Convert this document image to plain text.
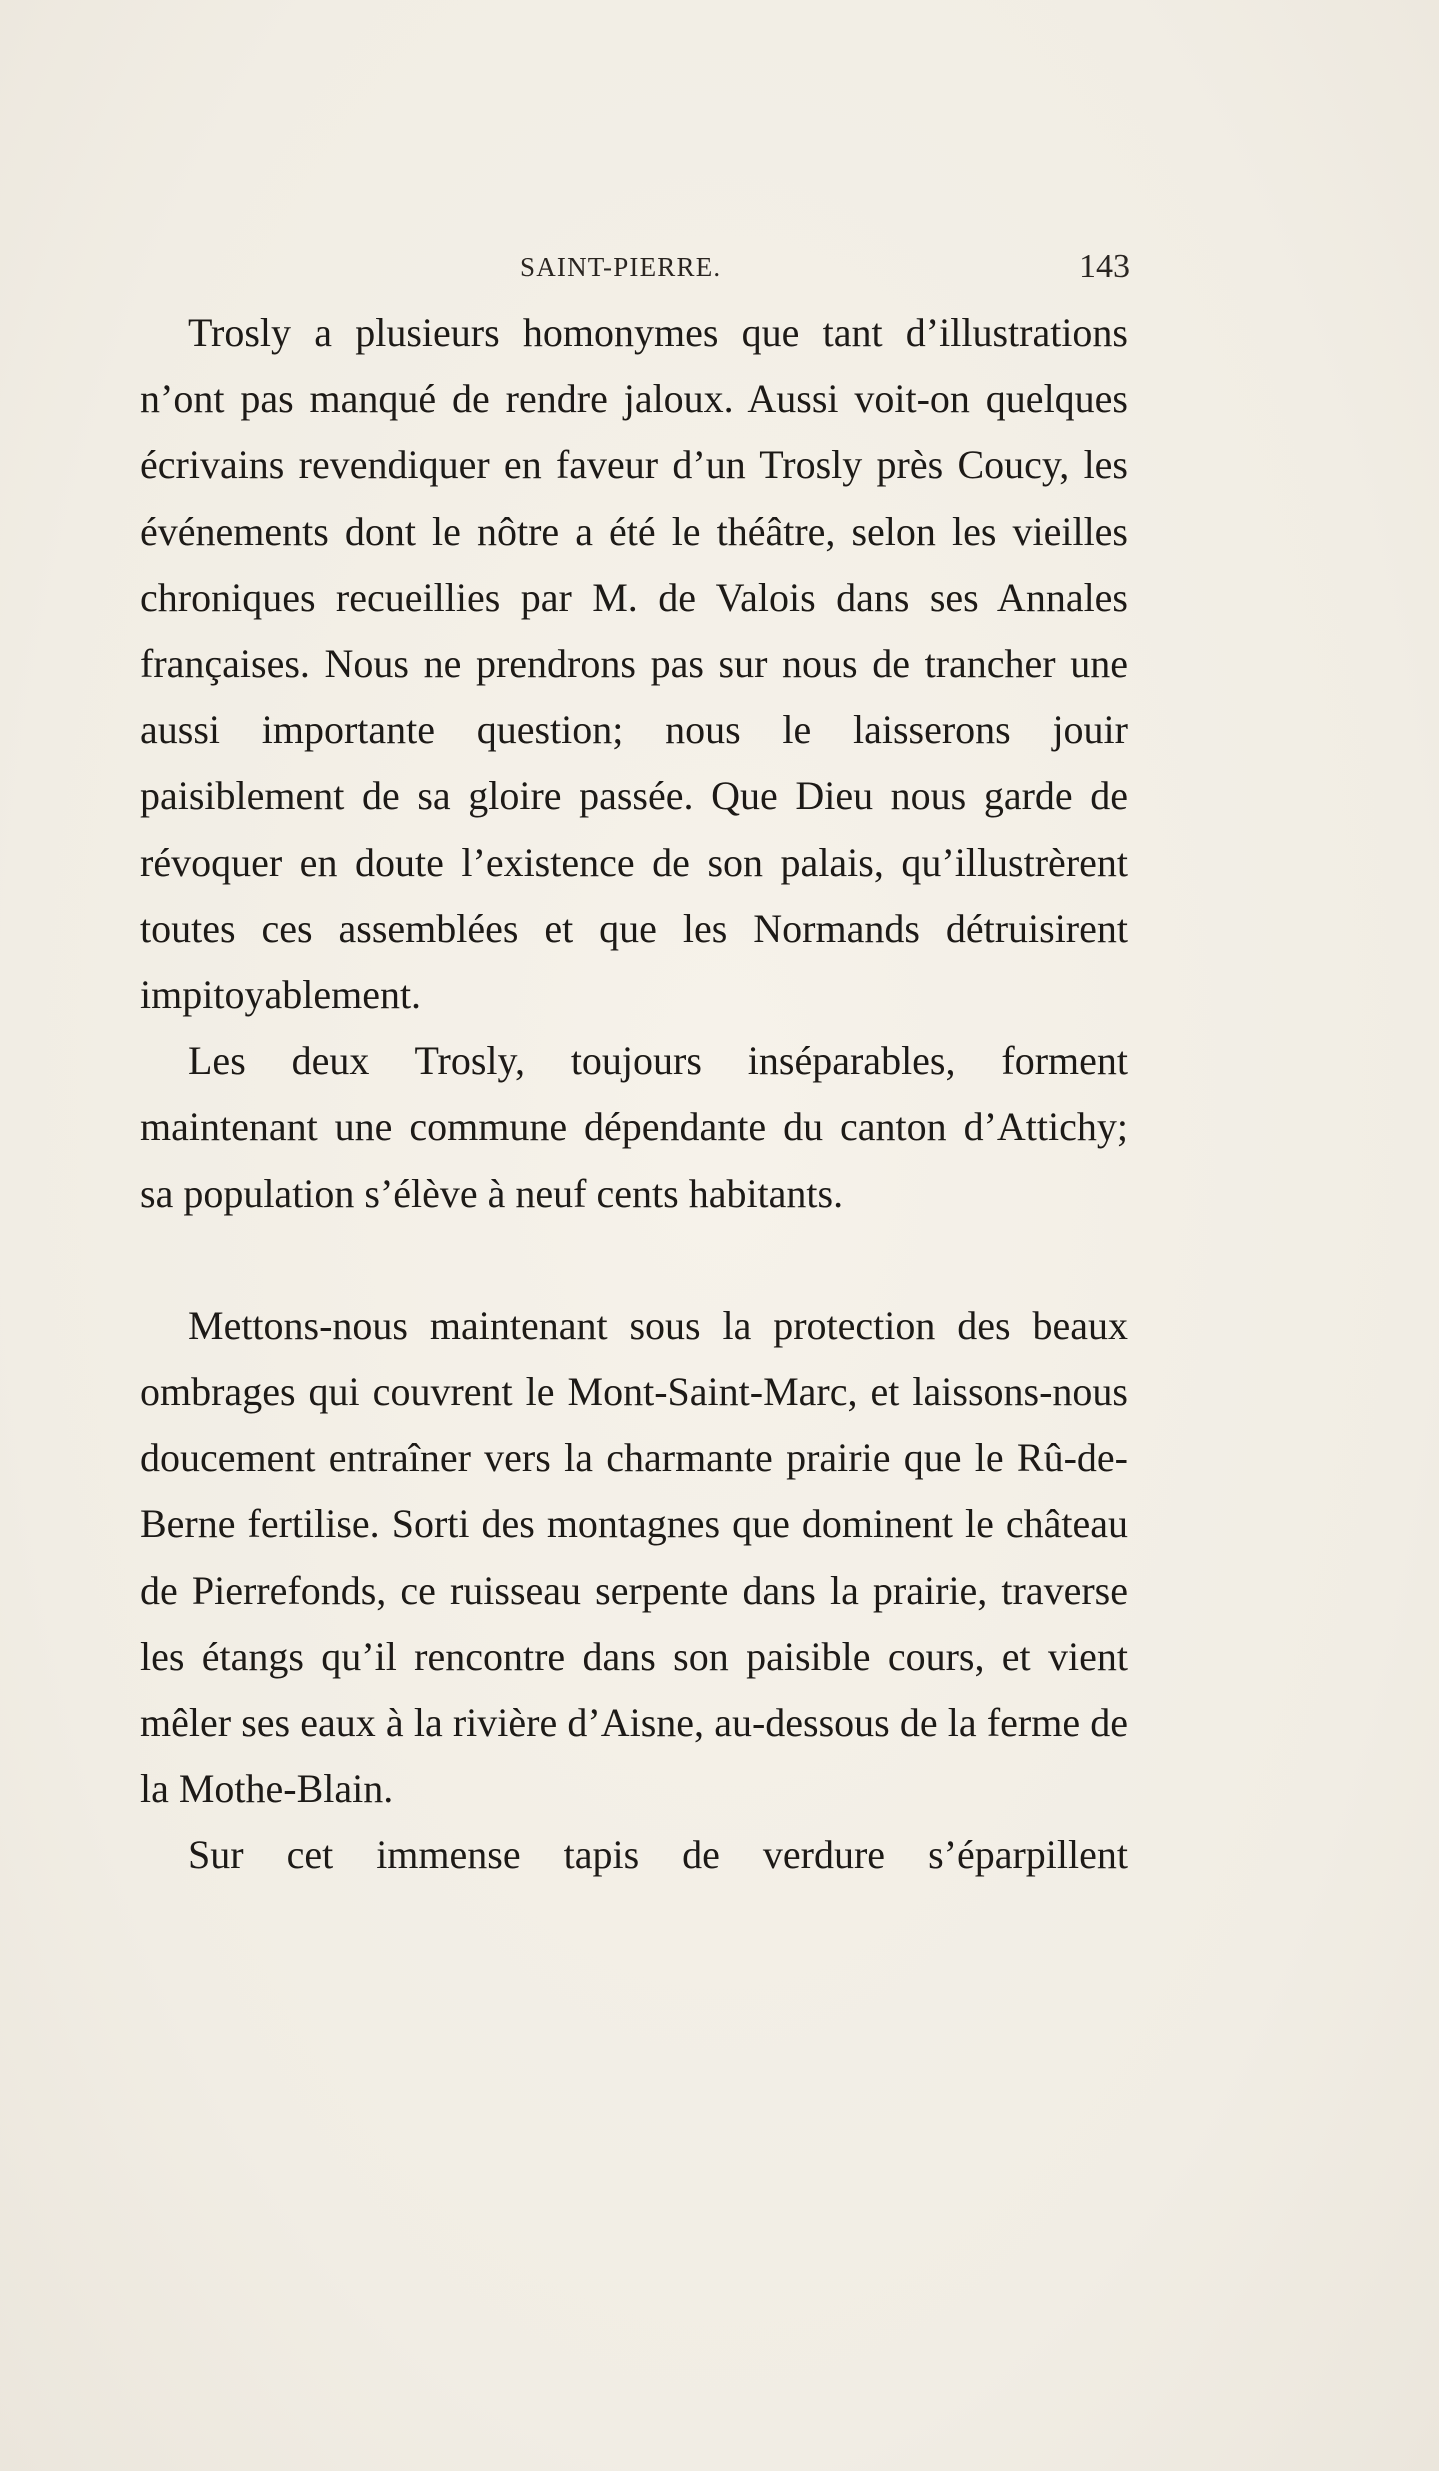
SAINT-PIERRE.	143

Trosly a plusieurs homonymes que tant d’illustrations n’ont pas manqué de rendre jaloux. Aussi voit-on quelques écrivains revendiquer en faveur d’un Trosly près Coucy, les événements dont le nôtre a été le théâtre, selon les vieilles chroniques recueillies par M. de Valois dans ses Annales françaises. Nous ne prendrons pas sur nous de trancher une aussi importante question; nous le laisserons jouir paisiblement de sa gloire passée. Que Dieu nous garde de révoquer en doute l’existence de son palais, qu’illustrèrent toutes ces assemblées et que les Normands détruisirent impitoyablement.

Les deux Trosly, toujours inséparables, forment maintenant une commune dépendante du canton d’Attichy; sa population s’élève à neuf cents habitants.

Mettons-nous maintenant sous la protection des beaux ombrages qui couvrent le Mont-Saint-Marc, et laissons-nous doucement entraîner vers la charmante prairie que le Rû-de-Berne fertilise. Sorti des montagnes que dominent le château de Pierrefonds, ce ruisseau serpente dans la prairie, traverse les étangs qu’il rencontre dans son paisible cours, et vient mêler ses eaux à la rivière d’Aisne, au-dessous de la ferme de la Mothe-Blain.

Sur cet immense tapis de verdure s’éparpillent
